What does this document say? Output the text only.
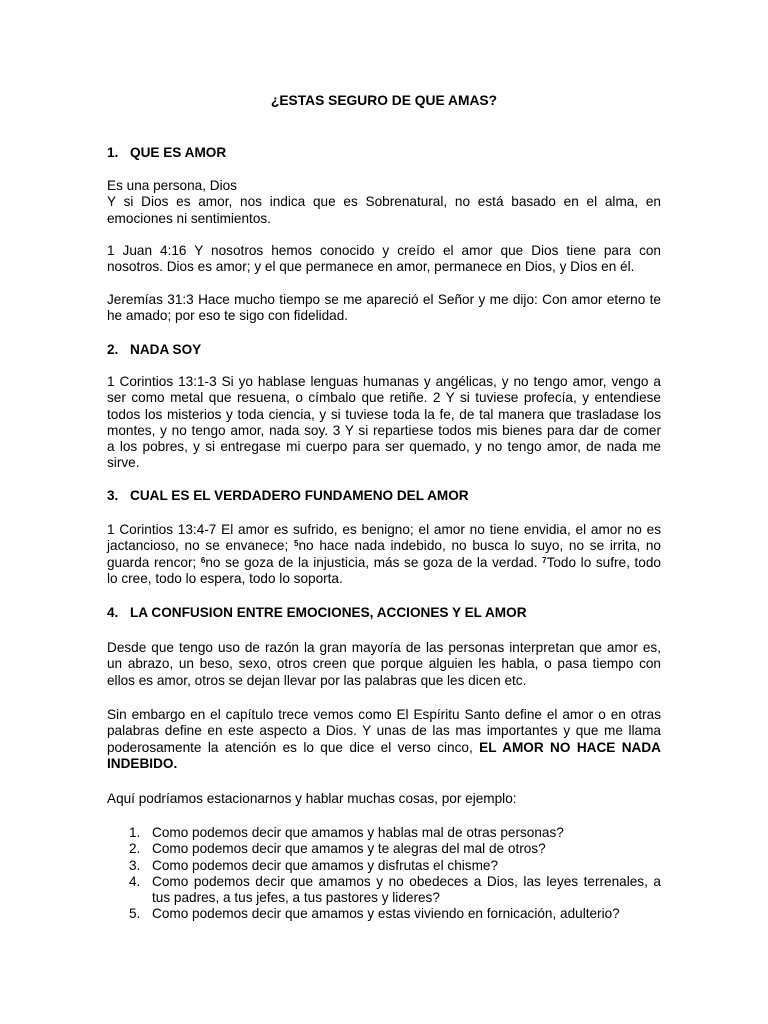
¿ESTAS SEGURO DE QUE AMAS?
1. QUE ES AMOR
Es una persona, Dios
Y si Dios es amor, nos indica que es Sobrenatural, no está basado en el alma, en
emociones ni sentimientos.
1 Juan 4:16 Y nosotros hemos conocido y creído el amor que Dios tiene para con
nosotros. Dios es amor; y el que permanece en amor, permanece en Dios, y Dios en él.
Jeremías 31:3 Hace mucho tiempo se me apareció el Señor y me dijo: Con amor eterno te
he amado; por eso te sigo con fidelidad.
2. NADA SOY
1 Corintios 13:1-3 Si yo hablase lenguas humanas y angélicas, y no tengo amor, vengo a
ser como metal que resuena, o címbalo que retiñe. 2 Y si tuviese profecía, y entendiese
todos los misterios y toda ciencia, y si tuviese toda la fe, de tal manera que trasladase los
montes, y no tengo amor, nada soy. 3 Y si repartiese todos mis bienes para dar de comer
a los pobres, y si entregase mi cuerpo para ser quemado, y no tengo amor, de nada me
sirve.
3. CUAL ES EL VERDADERO FUNDAMENO DEL AMOR
1 Corintios 13:4-7 El amor es sufrido, es benigno; el amor no tiene envidia, el amor no es
jactancioso, no se envanece; $^5$no hace nada indebido, no busca lo suyo, no se irrita, no
guarda rencor; $^6$no se goza de la injusticia, más se goza de la verdad. $^7$Todo lo sufre, todo
lo cree, todo lo espera, todo lo soporta.
4. LA CONFUSION ENTRE EMOCIONES, ACCIONES Y EL AMOR
Desde que tengo uso de razón la gran mayoría de las personas interpretan que amor es,
un abrazo, un beso, sexo, otros creen que porque alguien les habla, o pasa tiempo con
ellos es amor, otros se dejan llevar por las palabras que les dicen etc.
Sin embargo en el capítulo trece vemos como El Espíritu Santo define el amor o en otras
palabras define en este aspecto a Dios. Y unas de las mas importantes y que me llama
poderosamente la atención es lo que dice el verso cinco, EL AMOR NO HACE NADA
INDEBIDO.
Aquí podríamos estacionarnos y hablar muchas cosas, por ejemplo:
1. Como podemos decir que amamos y hablas mal de otras personas?
2. Como podemos decir que amamos y te alegras del mal de otros?
3. Como podemos decir que amamos y disfrutas el chisme?
4. Como podemos decir que amamos y no obedeces a Dios, las leyes terrenales, a
tus padres, a tus jefes, a tus pastores y lideres?
5. Como podemos decir que amamos y estas viviendo en fornicación, adulterio?
